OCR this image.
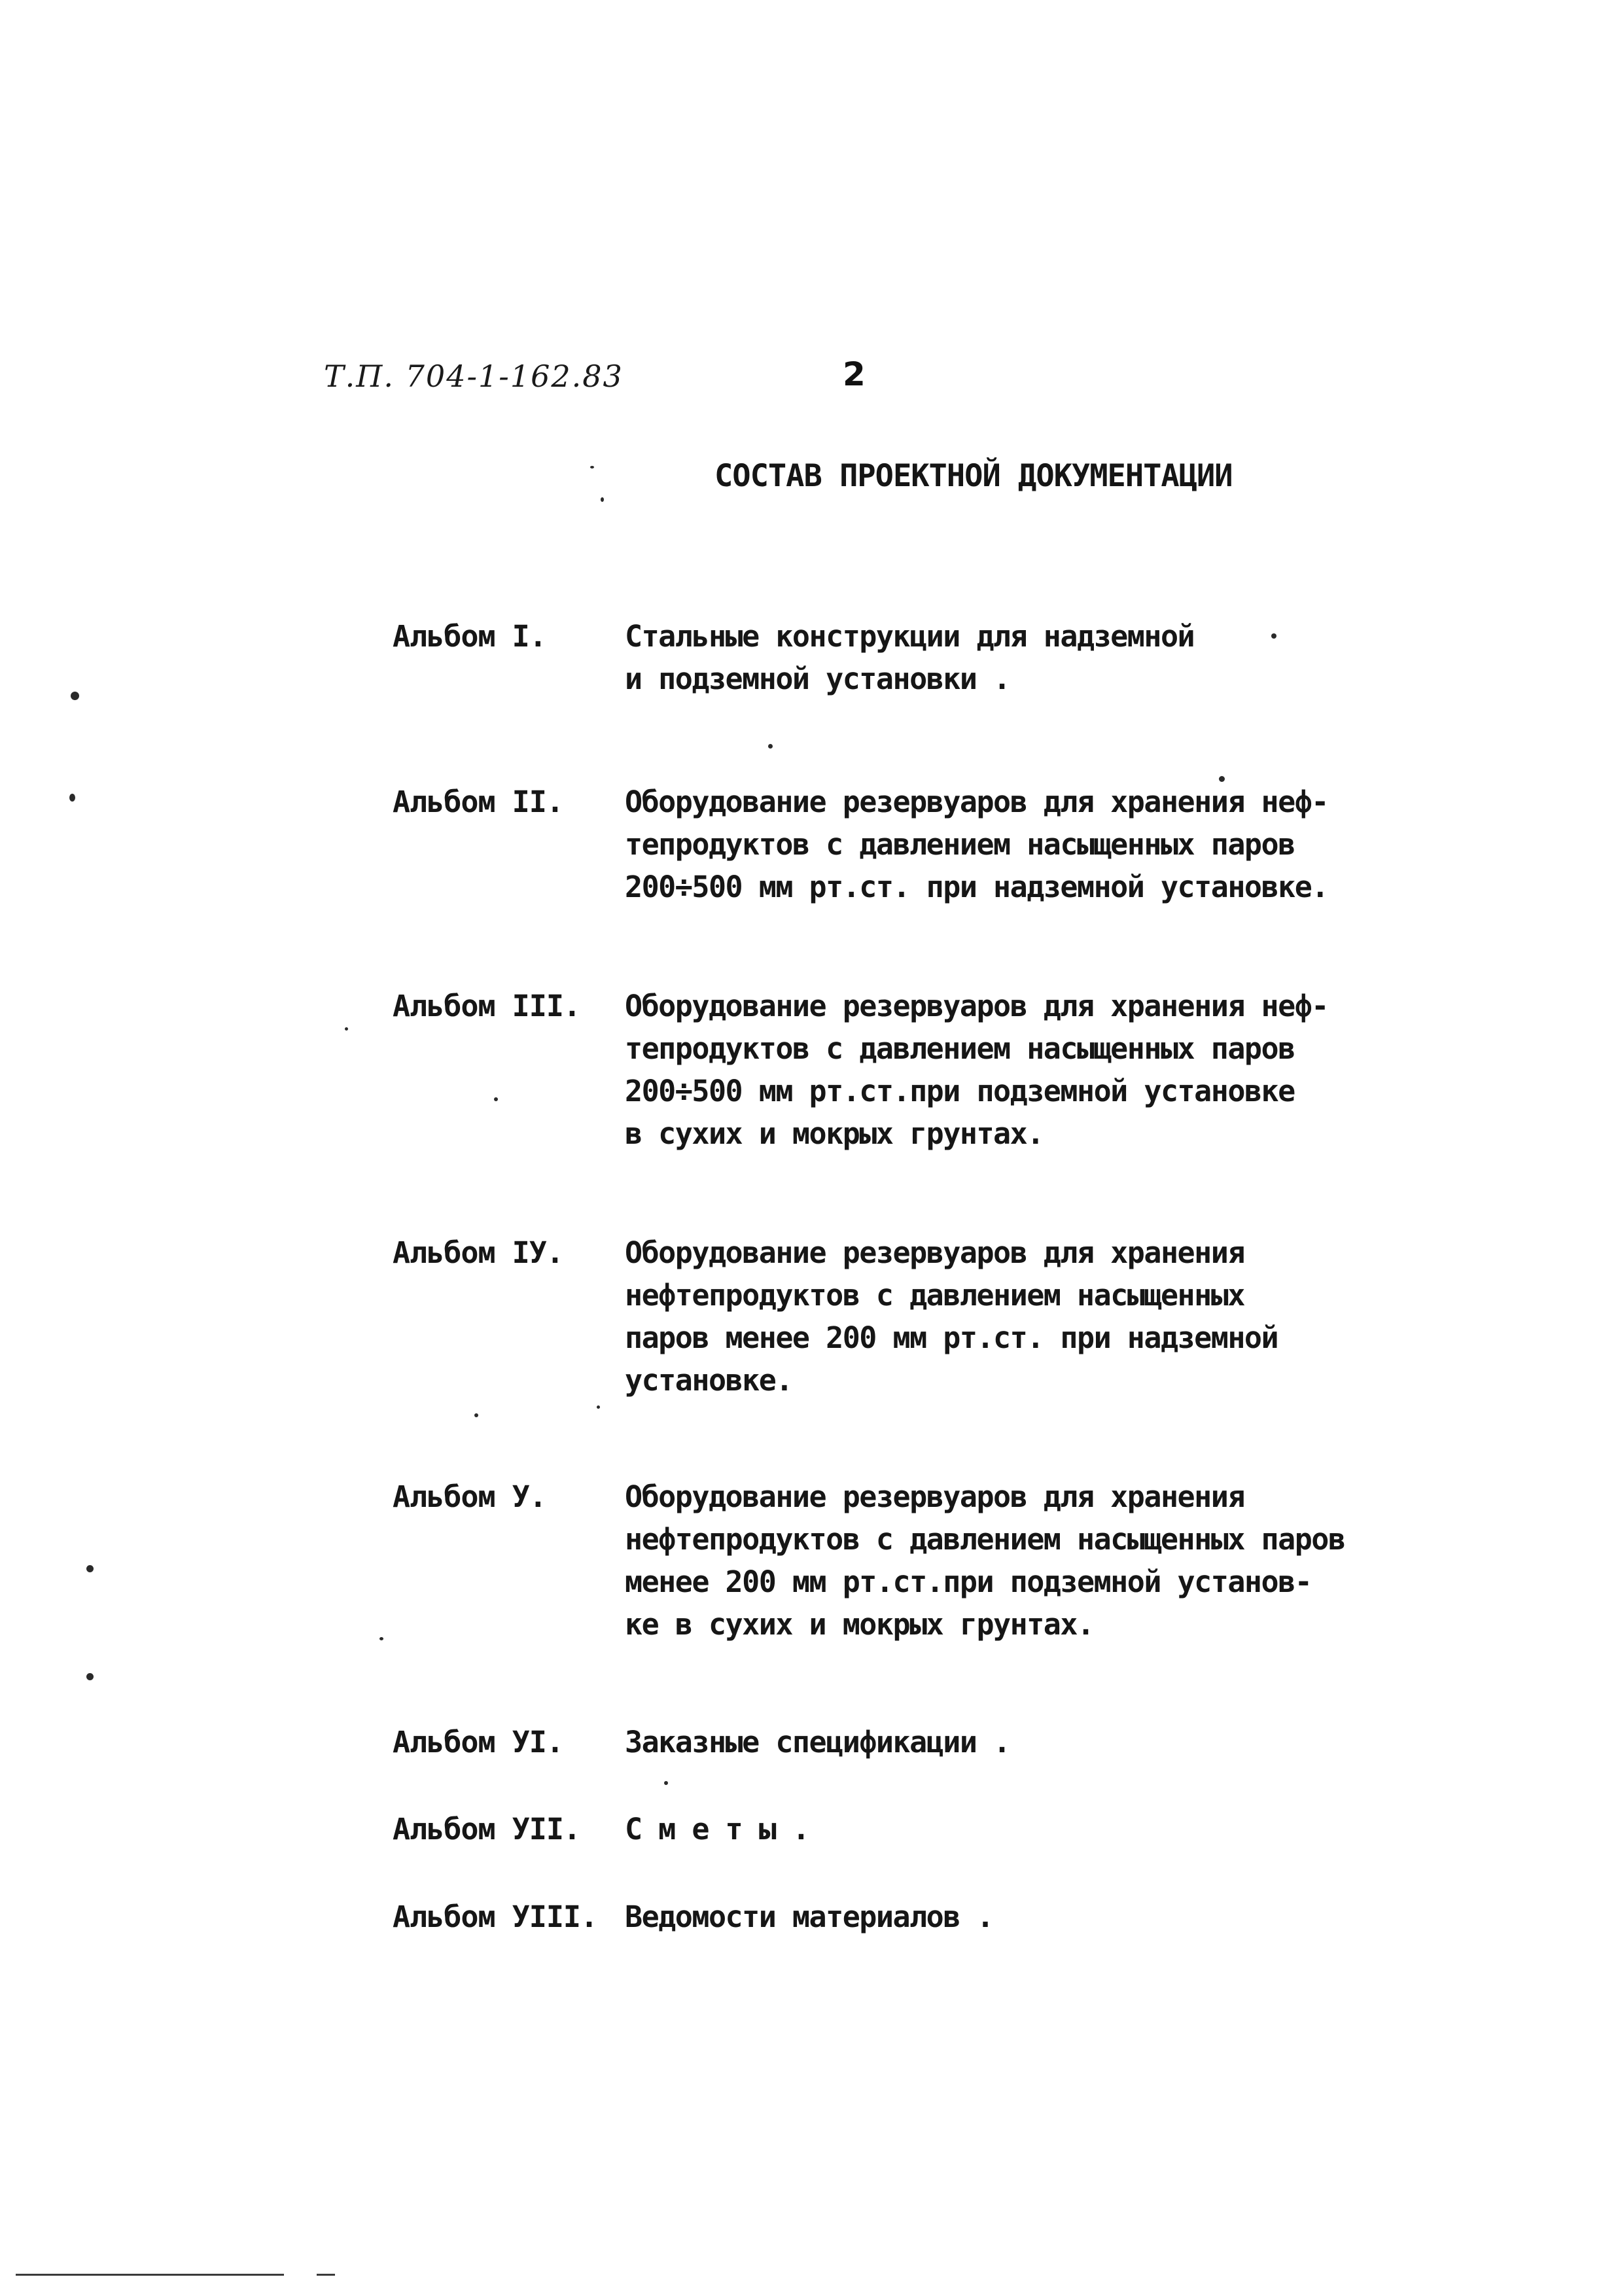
Т.П. 704-1-162.83	2
СОСТАВ ПРОЕКТНОЙ ДОКУМЕНТАЦИИ
Альбом I.	Стальные конструкции для надземной
и подземной установки .
Альбом II.	Оборудование резервуаров для хранения неф-
тепродуктов с давлением насыщенных паров
200÷500 мм рт.ст. при надземной установке.
Альбом III.	Оборудование резервуаров для хранения неф-
тепродуктов с давлением насыщенных паров
200÷500 мм рт.ст.при подземной установке
в сухих и мокрых грунтах.
Альбом IУ.	Оборудование резервуаров для хранения
нефтепродуктов с давлением насыщенных
паров менее 200 мм рт.ст. при надземной
установке.
Альбом У.	Оборудование резервуаров для хранения
нефтепродуктов с давлением насыщенных паров
менее 200 мм рт.ст.при подземной установ-
ке в сухих и мокрых грунтах.
Альбом УI.	Заказные спецификации .
Альбом УII.	С м е т ы .
Альбом УIII. Ведомости материалов .
